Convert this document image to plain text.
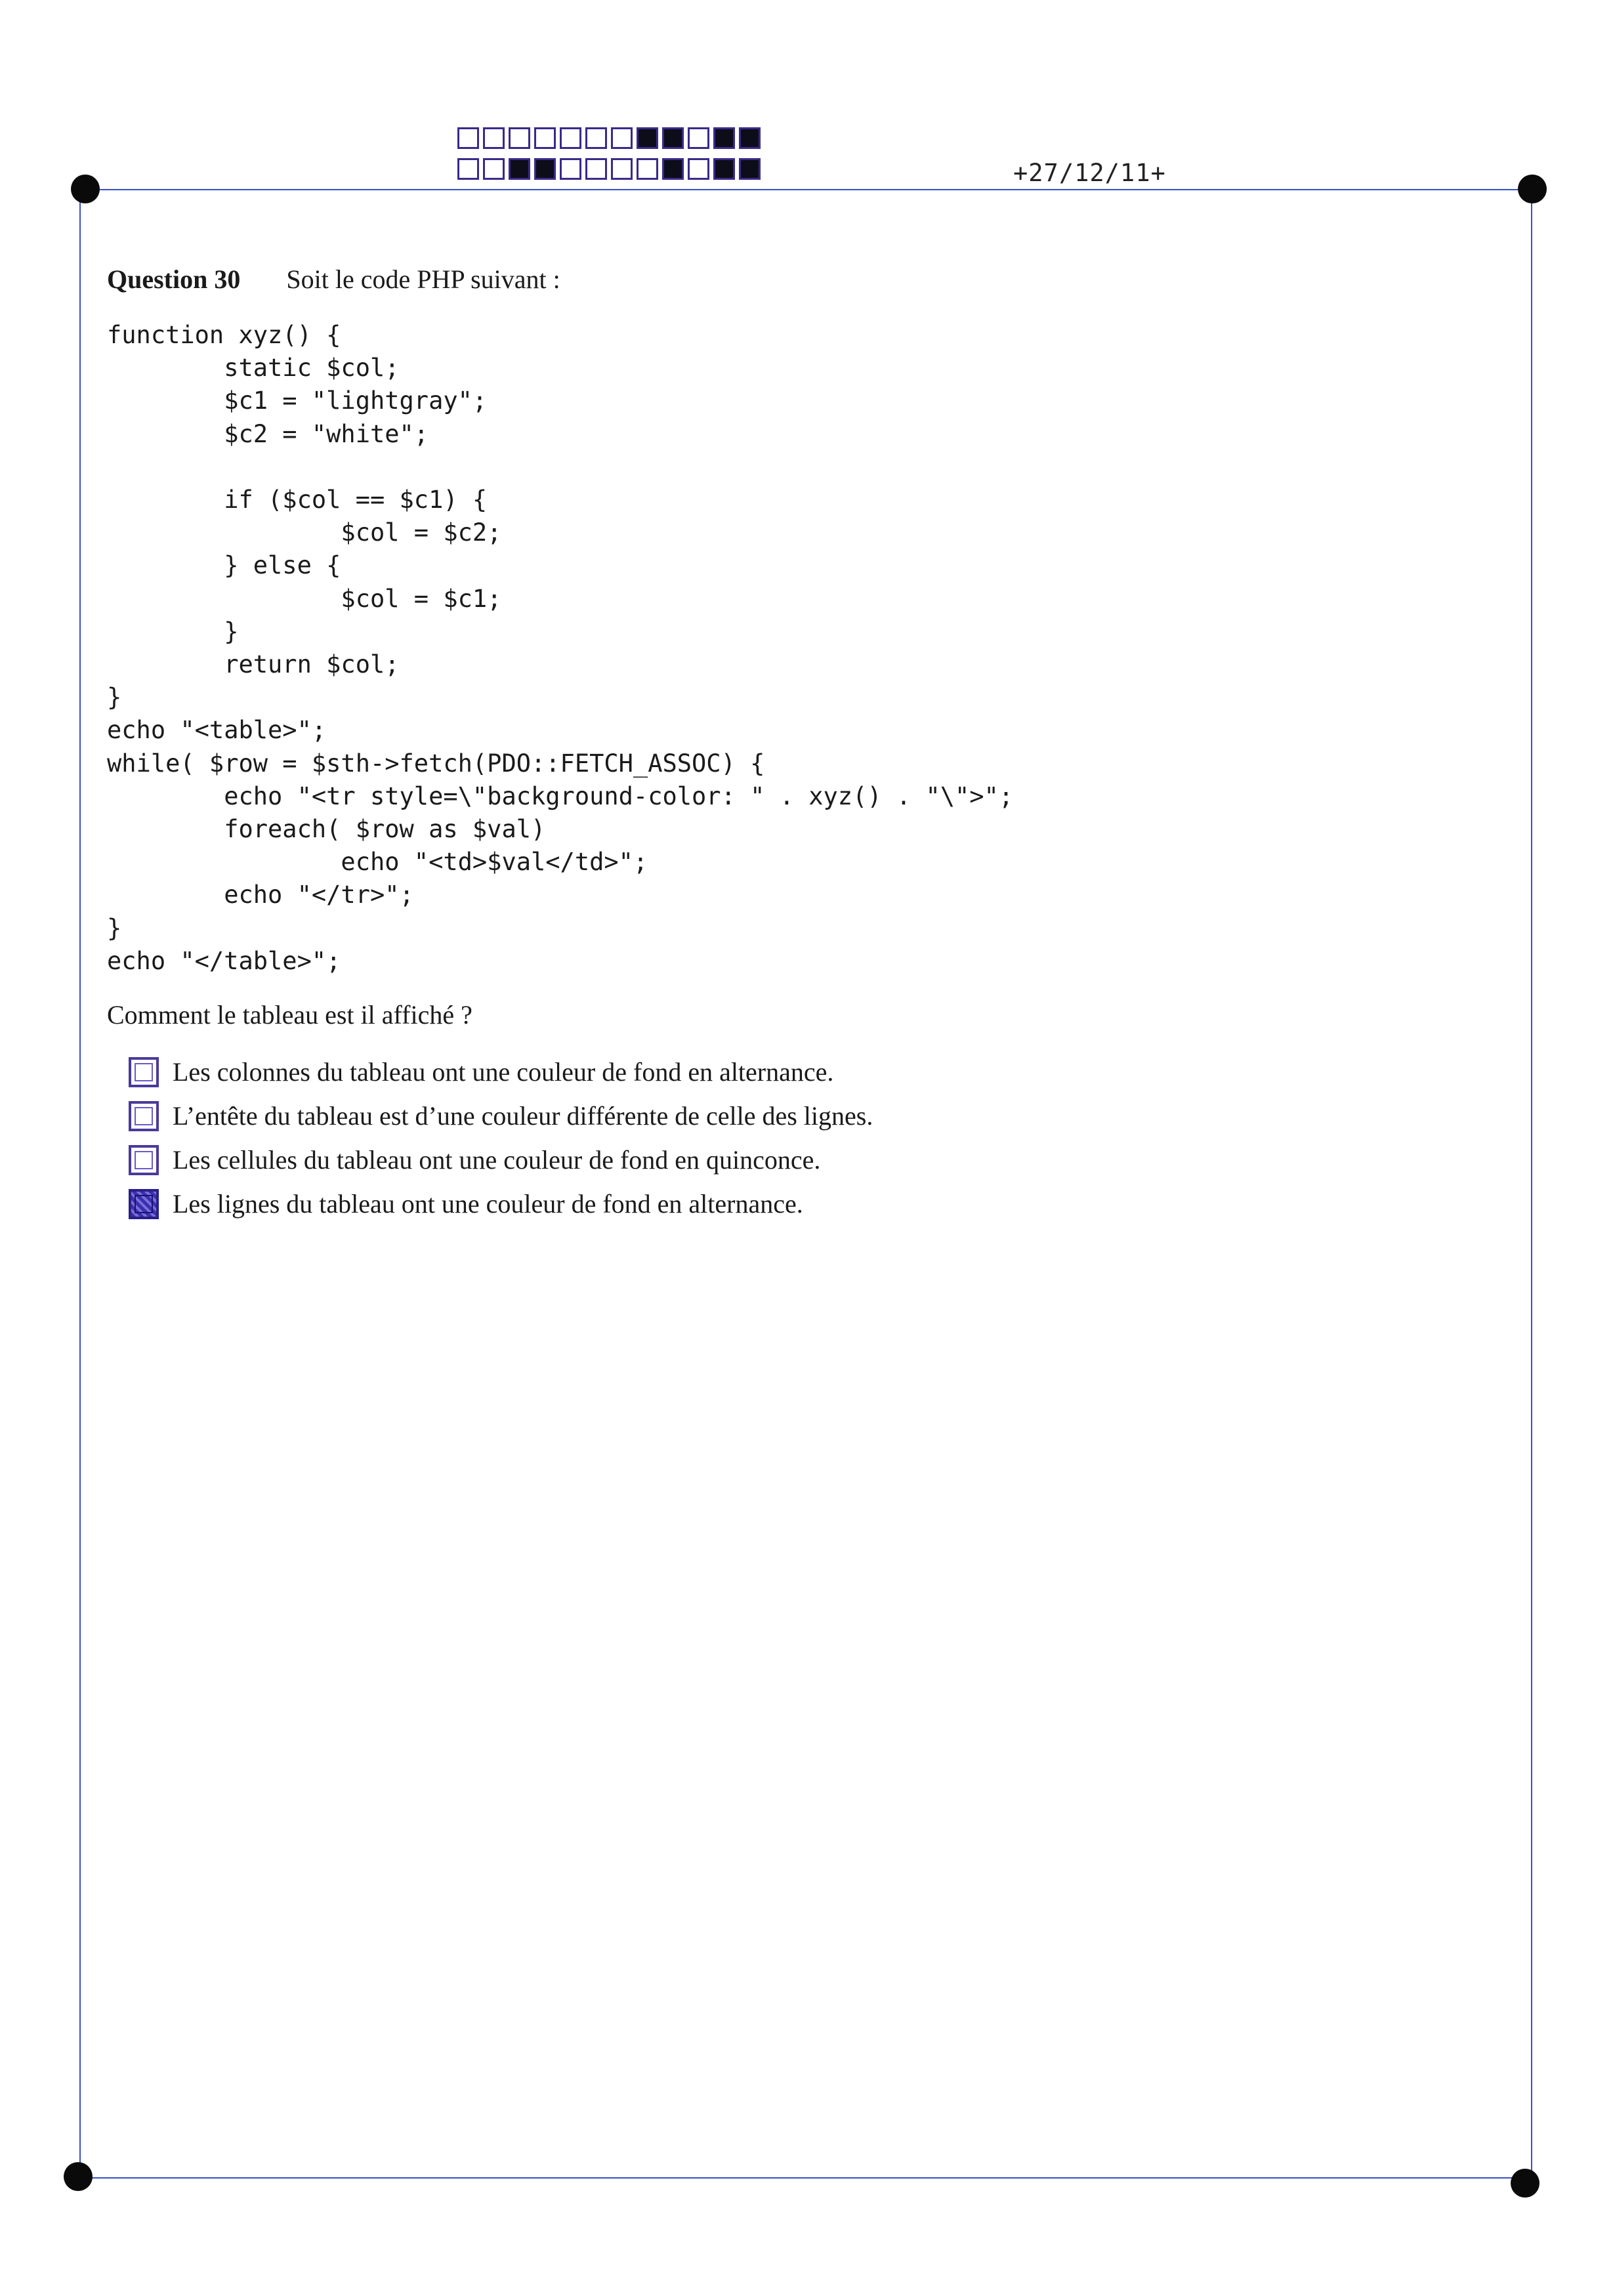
+27/12/11+
Question 30 Soit le code PHP suivant :
function xyz() {
static $col;
$c1 = "lightgray";
$c2 = "white";

if ($col == $c1) {
$col = $c2;
} else {
$col = $c1;
}
return $col;
}
echo "<table>";
while( $row = $sth->fetch(PDO::FETCH_ASSOC) {
echo "<tr style=\"background-color: " . xyz() . "\">";
foreach( $row as $val)
echo "<td>$val</td>";
echo "</tr>";
}
echo "</table>";
Comment le tableau est il affiché ?
Les colonnes du tableau ont une couleur de fond en alternance.
L’entête du tableau est d’une couleur différente de celle des lignes.
Les cellules du tableau ont une couleur de fond en quinconce.
Les lignes du tableau ont une couleur de fond en alternance.
